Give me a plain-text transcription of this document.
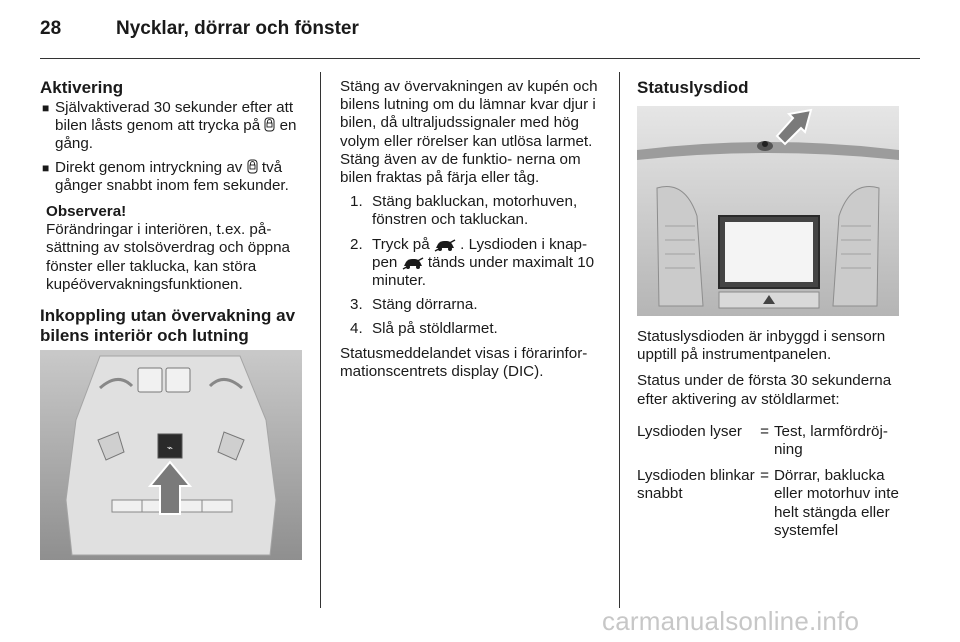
28	Nycklar, dörrar och fönster
Aktivering
■ Självaktiverad 30 sekunder efter att bilen låsts genom att trycka på en gång.
■ Direkt genom intryckning av två gånger snabbt inom fem sekunder.

Observera!

Förändringar i interiören, t.ex. på- sättning av stolsöverdrag och öppna fönster eller taklucka, kan störa kupéövervakningsfunktionen.

Inkoppling utan övervakning av bilens interiör och lutning
⌁

Stäng av övervakningen av kupén och bilens lutning om du lämnar kvar djur i bilen, då ultraljudssignaler med hög volym eller rörelser kan utlösa larmet. Stäng även av de funktio- nerna om bilen fraktas på färja eller tåg.

1. Stäng bakluckan, motorhuven, fönstren och takluckan.
2. Tryck på . Lysdioden i knap- pen tänds under maximalt 10 minuter.
3. Stäng dörrarna.
4. Slå på stöldlarmet.

Statusmeddelandet visas i förarinfor- mationscentrets display (DIC).

Statuslysdiod

Statuslysdioden är inbyggd i sensorn upptill på instrumentpanelen.

Status under de första 30 sekunderna efter aktivering av stöldlarmet:

Lysdioden lyser	= Test, larmfördröj- ning
Lysdioden blinkar snabbt
= Dörrar, baklucka eller motorhuv inte helt stängda eller systemfel
carmanualsonline.info
